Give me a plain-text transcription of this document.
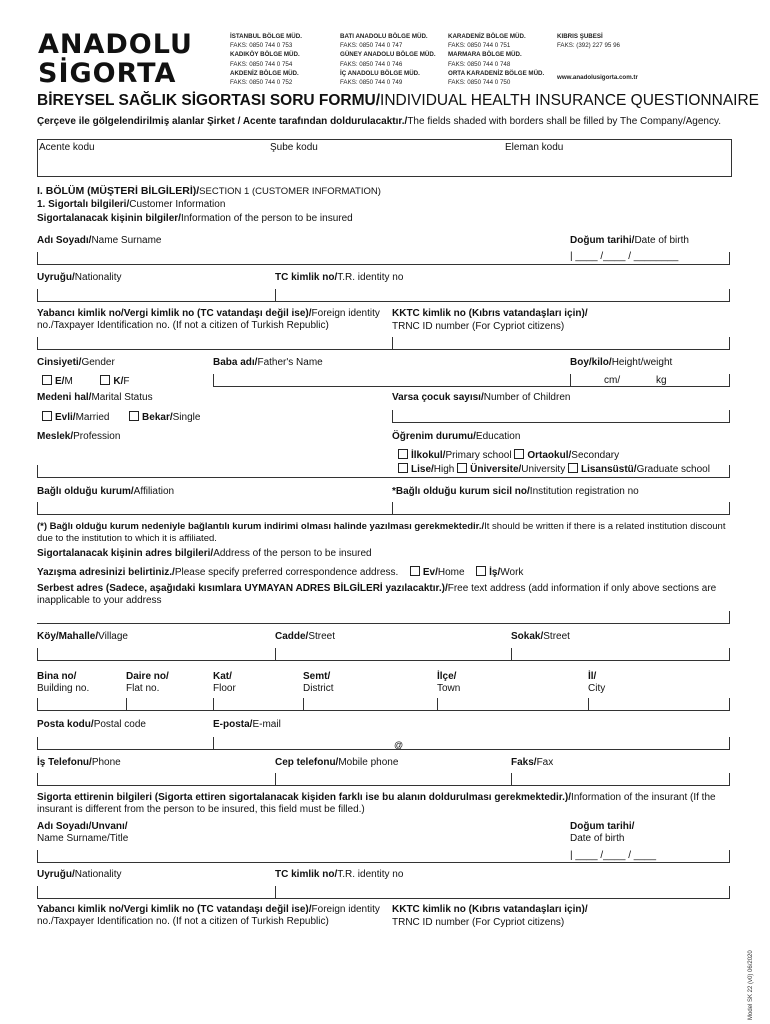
ANADOLU
SİGORTA
İSTANBUL BÖLGE MÜD.
FAKS: 0850 744 0 753
KADIKÖY BÖLGE MÜD.
FAKS: 0850 744 0 754
AKDENİZ BÖLGE MÜD.
FAKS: 0850 744 0 752
BATI ANADOLU BÖLGE MÜD.
FAKS: 0850 744 0 747
GÜNEY ANADOLU BÖLGE MÜD.
FAKS: 0850 744 0 746
İÇ ANADOLU BÖLGE MÜD.
FAKS: 0850 744 0 749
KARADENİZ BÖLGE MÜD.
FAKS: 0850 744 0 751
MARMARA BÖLGE MÜD.
FAKS: 0850 744 0 748
ORTA KARADENİZ BÖLGE MÜD.
FAKS: 0850 744 0 750
KIBRIS ŞUBESİ
FAKS: (392) 227 95 96
www.anadolusigorta.com.tr
BİREYSEL SAĞLIK SİGORTASI SORU FORMU/INDIVIDUAL HEALTH INSURANCE QUESTIONNAIRE
Çerçeve ile gölgelendirilmiş alanlar Şirket / Acente tarafından doldurulacaktır./The fields shaded with borders shall be filled by The Company/Agency.
Acente kodu	Şube kodu	Eleman kodu
I. BÖLÜM (MÜŞTERİ BİLGİLERİ)/SECTION 1 (CUSTOMER INFORMATION)
1. Sigortalı bilgileri/Customer Information
Sigortalanacak kişinin bilgiler/Information of the person to be insured
Adı Soyadı/Name Surname	Doğum tarihi/Date of birth
| ____ /____ / ________
Uyruğu/Nationality	TC kimlik no/T.R. identity no
Yabancı kimlik no/Vergi kimlik no (TC vatandaşı değil ise)/Foreign identity no./Taxpayer Identification no. (If not a citizen of Turkish Republic)
KKTC kimlik no (Kıbrıs vatandaşları için)/
TRNC ID number (For Cypriot citizens)
Cinsiyeti/Gender	Baba adı/Father's Name	Boy/kilo/Height/weight
E/M	K/F	cm/	kg
Medeni hal/Marital Status	Varsa çocuk sayısı/Number of Children
Evli/Married	Bekar/Single
Meslek/Profession	Öğrenim durumu/Education
İlkokul/Primary school Ortaokul/Secondary
Lise/High Üniversite/University Lisansüstü/Graduate school
Bağlı olduğu kurum/Affiliation	*Bağlı olduğu kurum sicil no/Institution registration no
(*) Bağlı olduğu kurum nedeniyle bağlantılı kurum indirimi olması halinde yazılması gerekmektedir./It should be written if there is a related institution discount due to the institution to which it is affiliated.
Sigortalanacak kişinin adres bilgileri/Address of the person to be insured
Yazışma adresinizi belirtiniz./Please specify preferred correspondence address. Ev/Home İş/Work
Serbest adres (Sadece, aşağıdaki kısımlara UYMAYAN ADRES BİLGİLERİ yazılacaktır.)/Free text address (add information if only above sections are inapplicable to your address
Köy/Mahalle/Village	Cadde/Street	Sokak/Street
Bina no/
Building no.
Daire no/
Flat no.
Kat/
Floor
Semt/
District
İlçe/
Town
İl/
City
Posta kodu/Postal code	E-posta/E-mail
@
İş Telefonu/Phone	Cep telefonu/Mobile phone	Faks/Fax
Sigorta ettirenin bilgileri (Sigorta ettiren sigortalanacak kişiden farklı ise bu alanın doldurulması gerekmektedir.)/Information of the insurant (If the insurant is different from the person to be insured, this field must be filled.)
Adı Soyadı/Unvanı/
Name Surname/Title
Doğum tarihi/
Date of birth
| ____ /____ / ____
Uyruğu/Nationality	TC kimlik no/T.R. identity no
Yabancı kimlik no/Vergi kimlik no (TC vatandaşı değil ise)/Foreign identity no./Taxpayer Identification no. (If not a citizen of Turkish Republic)
KKTC kimlik no (Kıbrıs vatandaşları için)/
TRNC ID number (For Cypriot citizens)
Model SK 22 (v0) 06/2020
